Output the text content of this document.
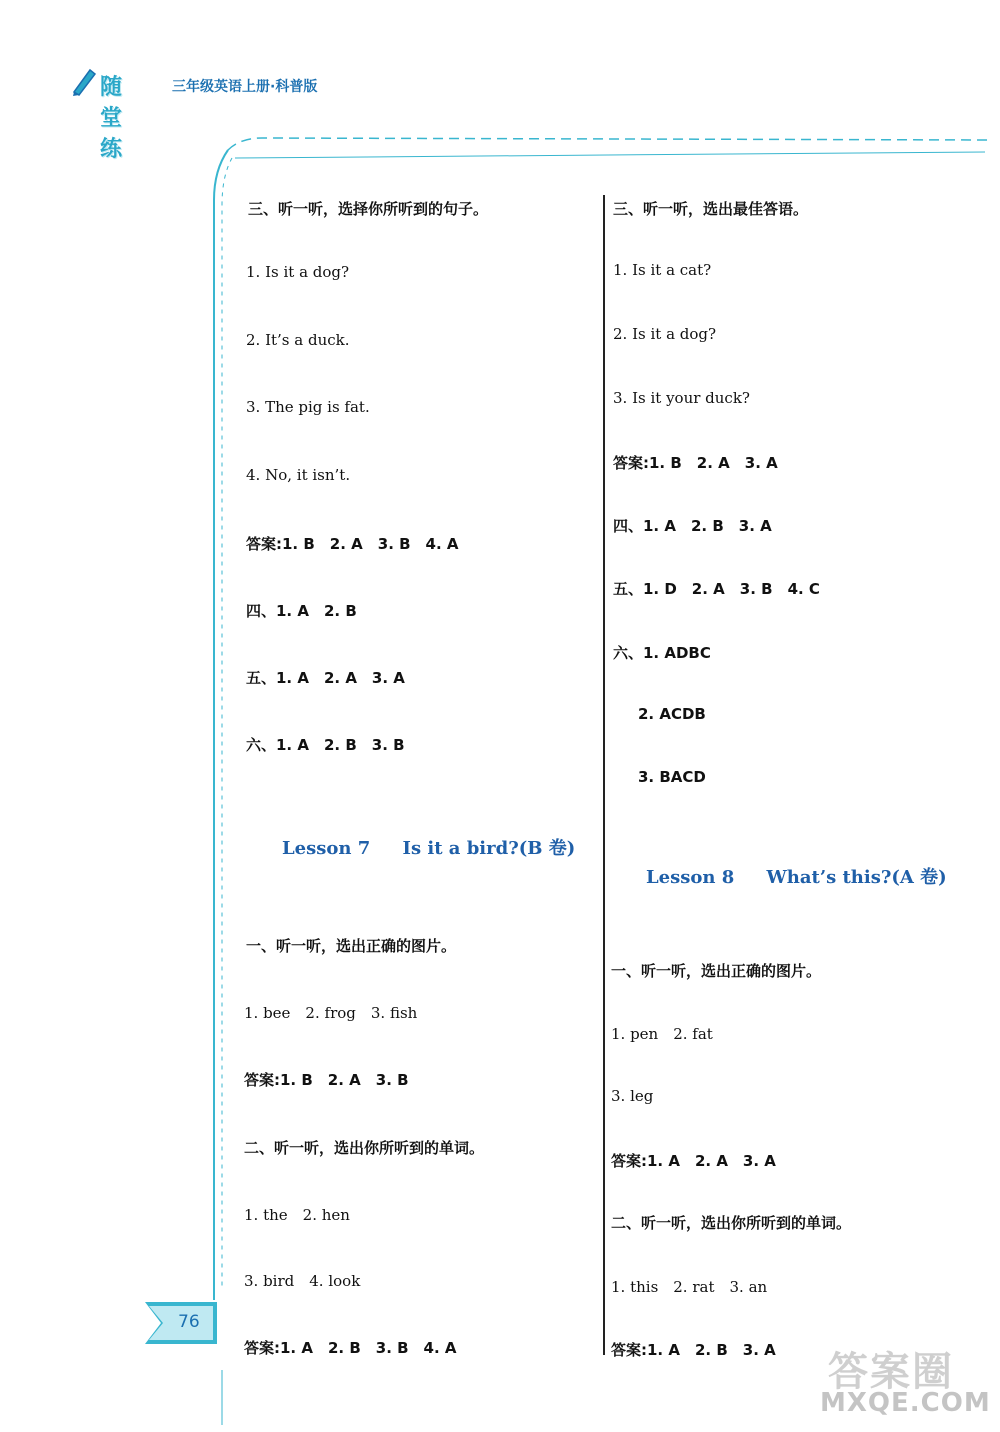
随堂练
三年级英语上册·科普版
三、听一听，选择你所听到的句子。
1. Is it a dog?
2. It’s a duck.
3. The pig is fat.
4. No, it isn’t.
答案:1. B　2. A　3. B　4. A
四、1. A　2. B
五、1. A　2. A　3. A
六、1. A　2. B　3. B
Lesson 7 Is it a bird?(B 卷)
一、听一听，选出正确的图片。
1. bee　2. frog　3. fish
答案:1. B　2. A　3. B
二、听一听，选出你所听到的单词。
1. the　2. hen
3. bird　4. look
答案:1. A　2. B　3. B　4. A
三、听一听，选出最佳答语。
1. Is it a cat?
2. Is it a dog?
3. Is it your duck?
答案:1. B　2. A　3. A
四、1. A　2. B　3. A
五、1. D　2. A　3. B　4. C
六、1. ADBC
2. ACDB
3. BACD
Lesson 8 What’s this?(A 卷)
一、听一听，选出正确的图片。
1. pen　2. fat
3. leg
答案:1. A　2. A　3. A
二、听一听，选出你所听到的单词。
1. this　2. rat　3. an
答案:1. A　2. B　3. A
76
答案圈
MXQE.COM
